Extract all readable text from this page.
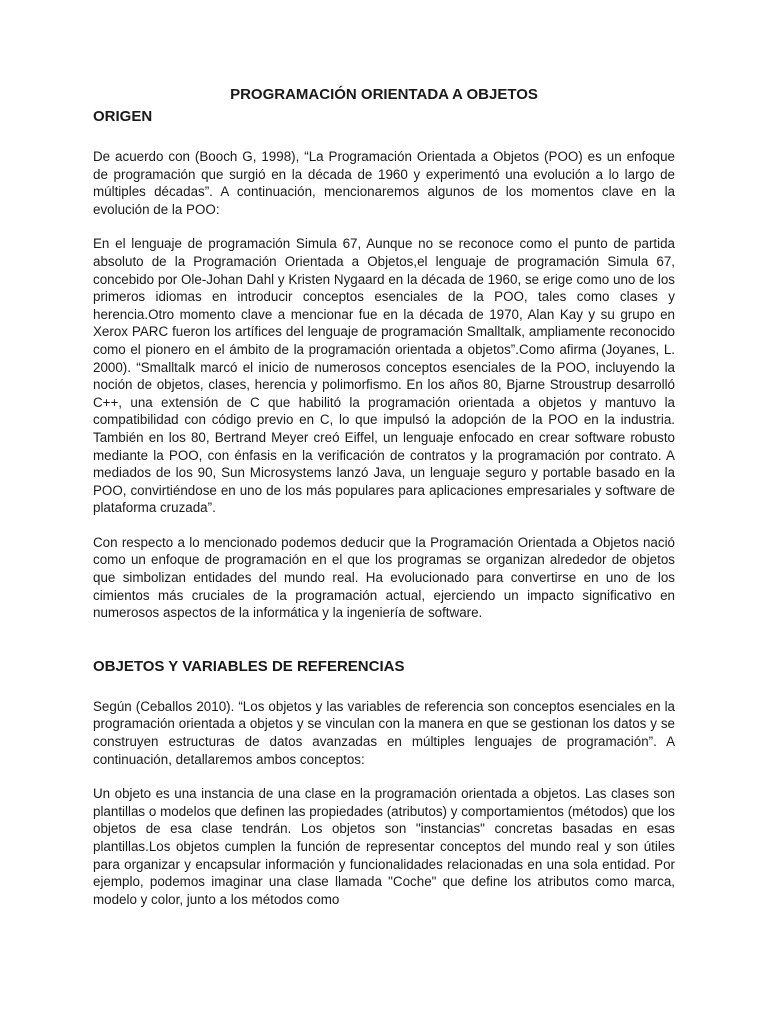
PROGRAMACIÓN ORIENTADA A OBJETOS
ORIGEN

De acuerdo con (Booch G, 1998), “La Programación Orientada a Objetos (POO) es un enfoque de programación que surgió en la década de 1960 y experimentó una evolución a lo largo de múltiples décadas”. A continuación, mencionaremos algunos de los momentos clave en la evolución de la POO:

En el lenguaje de programación Simula 67, Aunque no se reconoce como el punto de partida absoluto de la Programación Orientada a Objetos,el lenguaje de programación Simula 67, concebido por Ole-Johan Dahl y Kristen Nygaard en la década de 1960, se erige como uno de los primeros idiomas en introducir conceptos esenciales de la POO, tales como clases y herencia.Otro momento clave a mencionar fue en la década de 1970, Alan Kay y su grupo en Xerox PARC fueron los artífices del lenguaje de programación Smalltalk, ampliamente reconocido como el pionero en el ámbito de la programación orientada a objetos”.Como afirma (Joyanes, L. 2000). “Smalltalk marcó el inicio de numerosos conceptos esenciales de la POO, incluyendo la noción de objetos, clases, herencia y polimorfismo. En los años 80, Bjarne Stroustrup desarrolló C++, una extensión de C que habilitó la programación orientada a objetos y mantuvo la compatibilidad con código previo en C, lo que impulsó la adopción de la POO en la industria. También en los 80, Bertrand Meyer creó Eiffel, un lenguaje enfocado en crear software robusto mediante la POO, con énfasis en la verificación de contratos y la programación por contrato. A mediados de los 90, Sun Microsystems lanzó Java, un lenguaje seguro y portable basado en la POO, convirtiéndose en uno de los más populares para aplicaciones empresariales y software de plataforma cruzada”.

Con respecto a lo mencionado podemos deducir que la Programación Orientada a Objetos nació como un enfoque de programación en el que los programas se organizan alrededor de objetos que simbolizan entidades del mundo real. Ha evolucionado para convertirse en uno de los cimientos más cruciales de la programación actual, ejerciendo un impacto significativo en numerosos aspectos de la informática y la ingeniería de software.

OBJETOS Y VARIABLES DE REFERENCIAS

Según (Ceballos 2010). “Los objetos y las variables de referencia son conceptos esenciales en la programación orientada a objetos y se vinculan con la manera en que se gestionan los datos y se construyen estructuras de datos avanzadas en múltiples lenguajes de programación”. A continuación, detallaremos ambos conceptos:

Un objeto es una instancia de una clase en la programación orientada a objetos. Las clases son plantillas o modelos que definen las propiedades (atributos) y comportamientos (métodos) que los objetos de esa clase tendrán. Los objetos son "instancias" concretas basadas en esas plantillas.Los objetos cumplen la función de representar conceptos del mundo real y son útiles para organizar y encapsular información y funcionalidades relacionadas en una sola entidad. Por ejemplo, podemos imaginar una clase llamada "Coche" que define los atributos como marca, modelo y color, junto a los métodos como
